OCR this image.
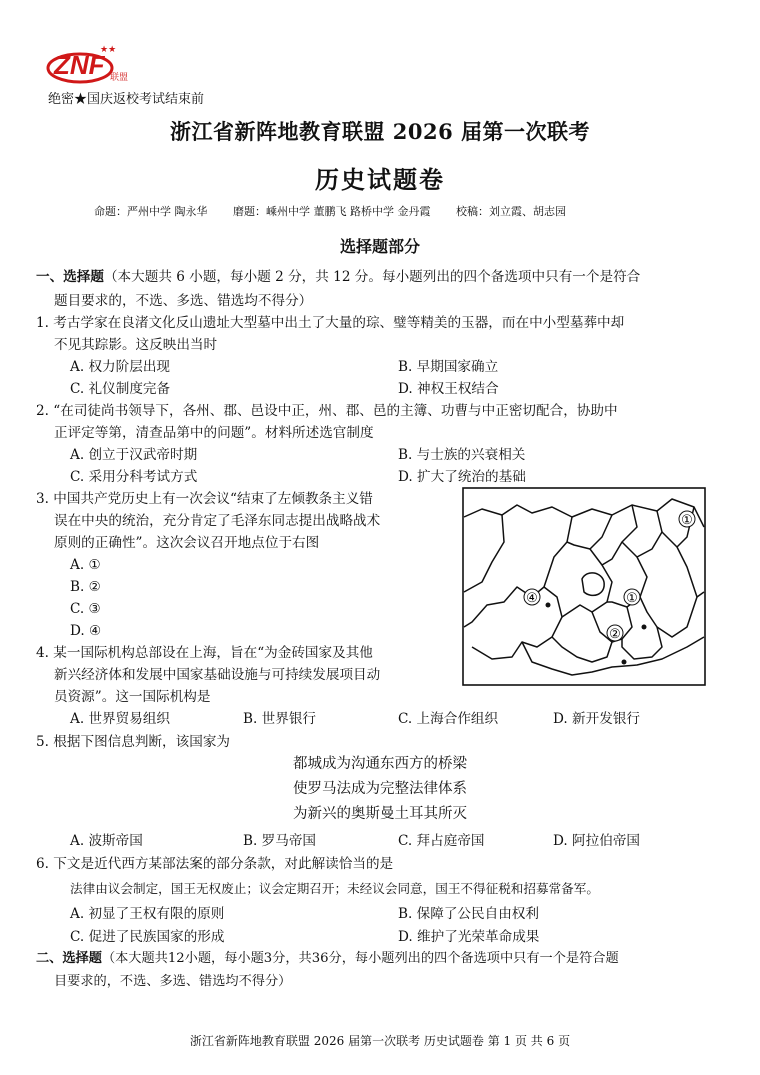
ZNF 联盟
★★
绝密★国庆返校考试结束前
浙江省新阵地教育联盟 2026 届第一次联考
历史试题卷
命题：严州中学 陶永华 磨题：嵊州中学 董鹏飞 路桥中学 金丹霞 校稿：刘立霞、胡志园
选择题部分
一、选择题（本大题共 6 小题，每小题 2 分，共 12 分。每小题列出的四个备选项中只有一个是符合
题目要求的，不选、多选、错选均不得分）
1. 考古学家在良渚文化反山遗址大型墓中出土了大量的琮、璧等精美的玉器，而在中小型墓葬中却
不见其踪影。这反映出当时
A. 权力阶层出现	B. 早期国家确立
C. 礼仪制度完备	D. 神权王权结合
2. “在司徒尚书领导下，各州、郡、邑设中正，州、郡、邑的主簿、功曹与中正密切配合，协助中
正评定等第，清查品第中的问题”。材料所述选官制度
A. 创立于汉武帝时期	B. 与士族的兴衰相关
C. 采用分科考试方式	D. 扩大了统治的基础
3. 中国共产党历史上有一次会议“结束了左倾教条主义错
误在中央的统治，充分肯定了毛泽东同志提出战略战术
原则的正确性”。这次会议召开地点位于右图
A. ①
B. ②
C. ③
D. ④
①
①
②
④
4. 某一国际机构总部设在上海，旨在“为金砖国家及其他
新兴经济体和发展中国家基础设施与可持续发展项目动
员资源”。这一国际机构是
A. 世界贸易组织	B. 世界银行	C. 上海合作组织	D. 新开发银行
5. 根据下图信息判断，该国家为
都城成为沟通东西方的桥梁
使罗马法成为完整法律体系
为新兴的奥斯曼土耳其所灭
A. 波斯帝国	B. 罗马帝国	C. 拜占庭帝国	D. 阿拉伯帝国
6. 下文是近代西方某部法案的部分条款，对此解读恰当的是
法律由议会制定，国王无权废止；议会定期召开；未经议会同意，国王不得征税和招募常备军。
A. 初显了王权有限的原则	B. 保障了公民自由权利
C. 促进了民族国家的形成	D. 维护了光荣革命成果
二、选择题（本大题共12小题，每小题3分，共36分，每小题列出的四个备选项中只有一个是符合题
目要求的，不选、多选、错选均不得分）
浙江省新阵地教育联盟 2026 届第一次联考 历史试题卷 第 1 页 共 6 页
